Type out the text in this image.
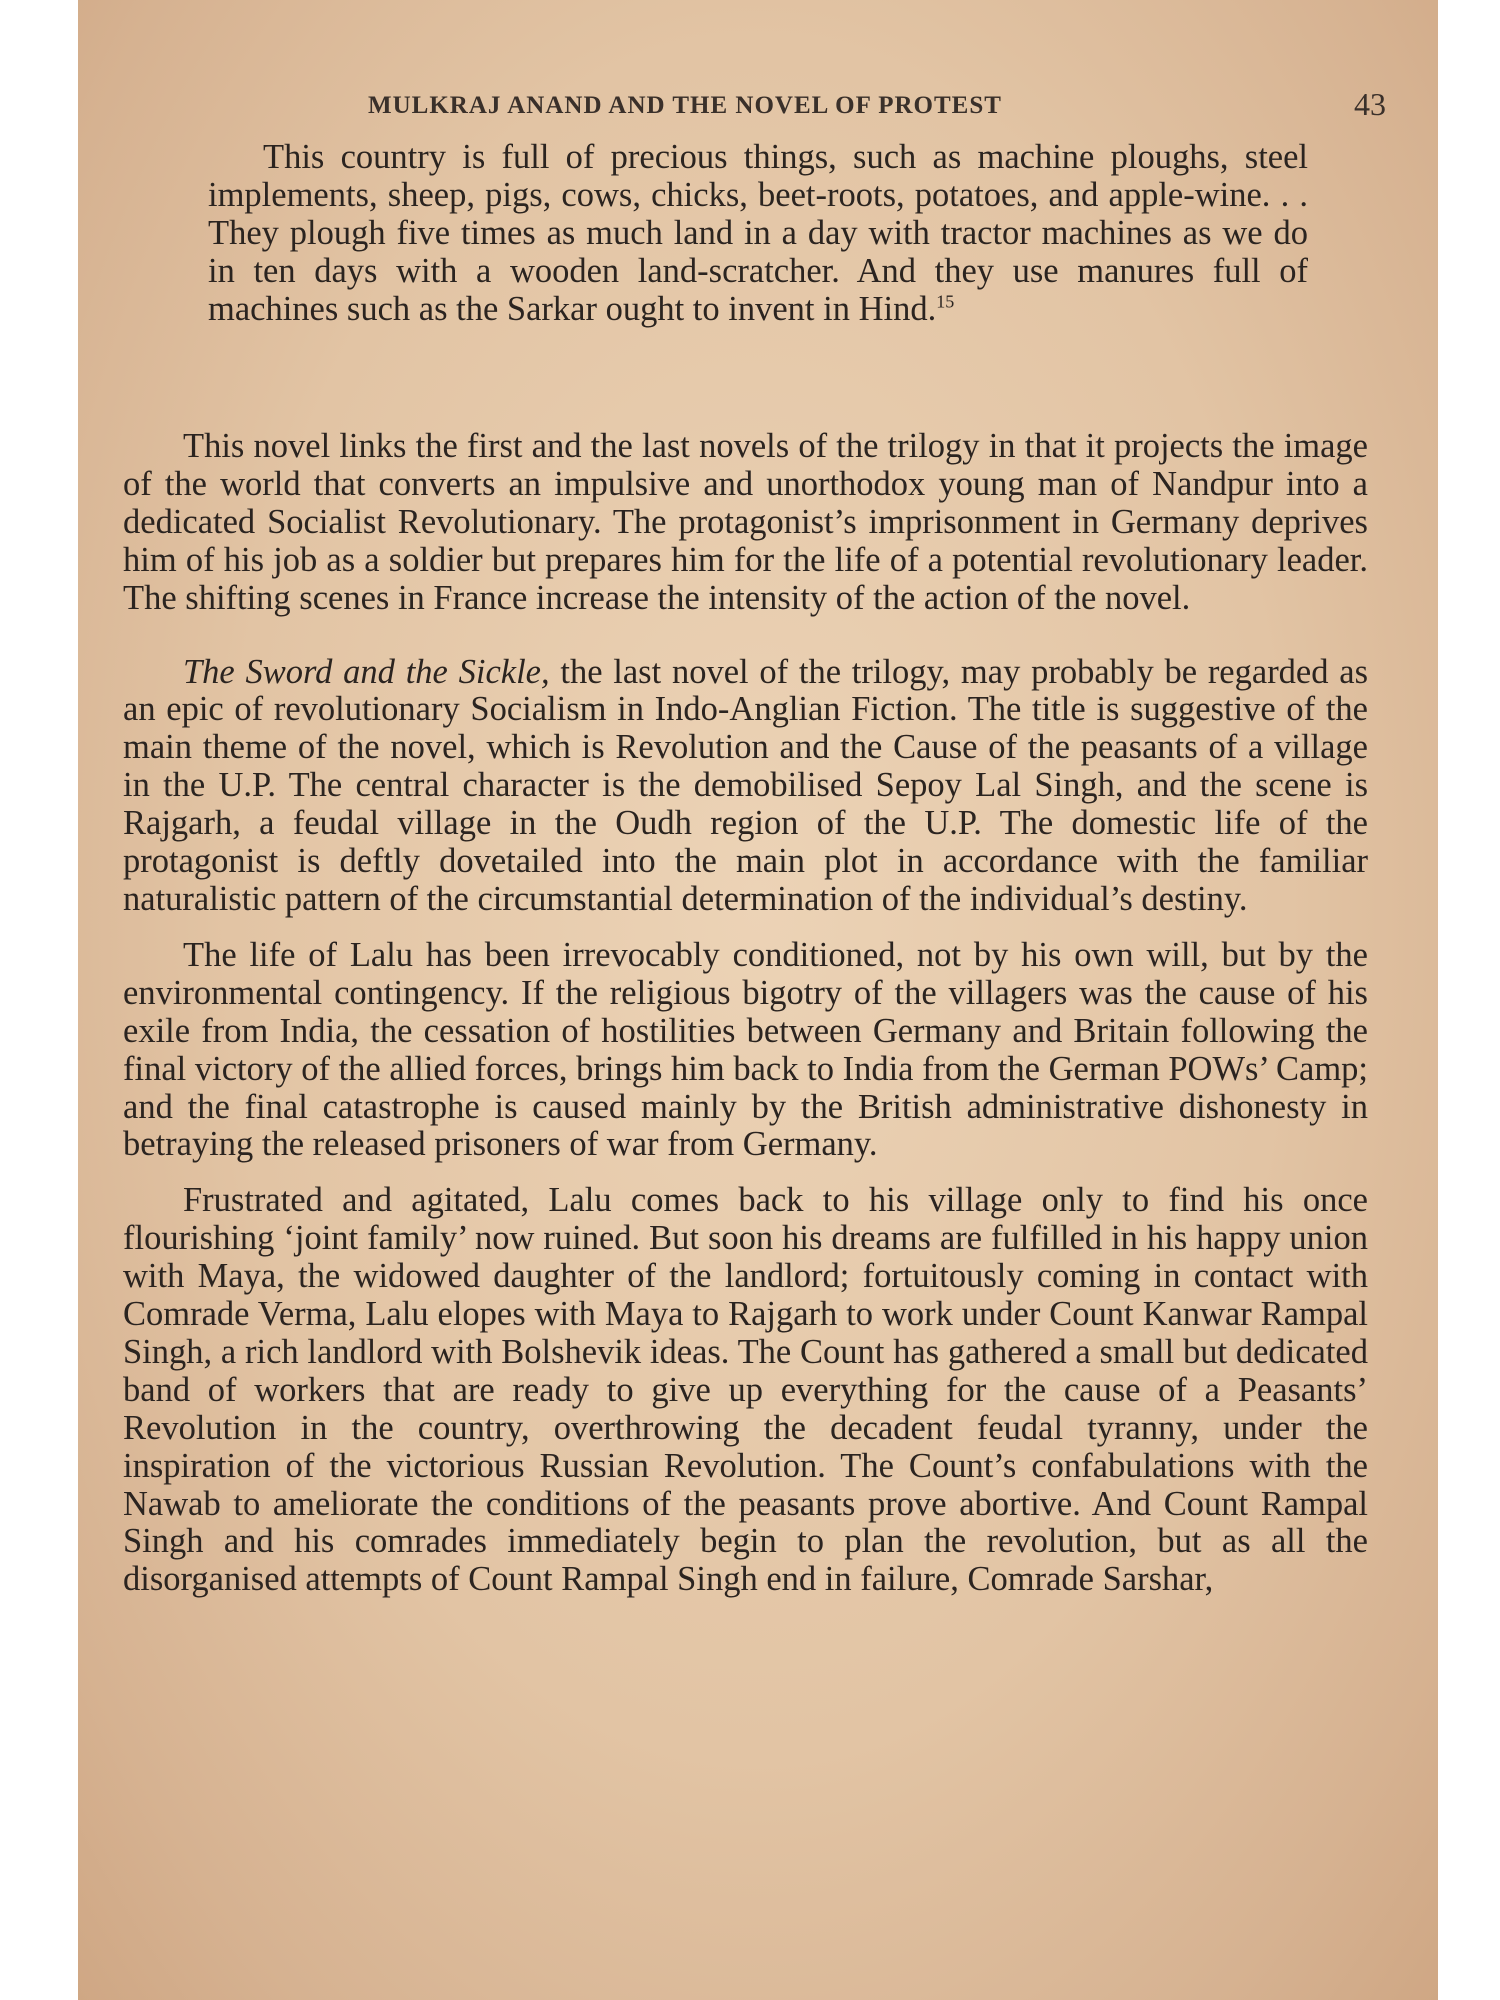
MULKRAJ ANAND AND THE NOVEL OF PROTEST	43

This country is full of precious things, such as machine ploughs, steel implements, sheep, pigs, cows, chicks, beet-roots, potatoes, and apple-wine. . . They plough five times as much land in a day with tractor machines as we do in ten days with a wooden land-scratcher. And they use manures full of machines such as the Sarkar ought to invent in Hind.$^{15}$

This novel links the first and the last novels of the trilogy in that it projects the image of the world that converts an impulsive and unorthodox young man of Nandpur into a dedicated Socialist Revolutionary. The protagonist’s imprisonment in Germany deprives him of his job as a soldier but prepares him for the life of a potential revolutionary leader. The shifting scenes in France increase the intensity of the action of the novel.

The Sword and the Sickle, the last novel of the trilogy, may probably be regarded as an epic of revolutionary Socialism in Indo-Anglian Fiction. The title is suggestive of the main theme of the novel, which is Revolution and the Cause of the peasants of a village in the U.P. The central character is the demobilised Sepoy Lal Singh, and the scene is Rajgarh, a feudal village in the Oudh region of the U.P. The domestic life of the protagonist is deftly dovetailed into the main plot in accordance with the familiar naturalistic pattern of the circumstantial determination of the individual’s destiny.

The life of Lalu has been irrevocably conditioned, not by his own will, but by the environmental contingency. If the religious bigotry of the villagers was the cause of his exile from India, the cessation of hostilities between Germany and Britain following the final victory of the allied forces, brings him back to India from the German POWs’ Camp; and the final catastrophe is caused mainly by the British administrative dishonesty in betraying the released prisoners of war from Germany.

Frustrated and agitated, Lalu comes back to his village only to find his once flourishing ‘joint family’ now ruined. But soon his dreams are fulfilled in his happy union with Maya, the widowed daughter of the landlord; fortuitously coming in contact with Comrade Verma, Lalu elopes with Maya to Rajgarh to work under Count Kanwar Rampal Singh, a rich landlord with Bolshevik ideas. The Count has gathered a small but dedicated band of workers that are ready to give up everything for the cause of a Peasants’ Revolution in the country, overthrowing the decadent feudal tyranny, under the inspiration of the victorious Russian Revolution. The Count’s confabulations with the Nawab to ameliorate the conditions of the peasants prove abortive. And Count Rampal Singh and his comrades immediately begin to plan the revolution, but as all the disorganised attempts of Count Rampal Singh end in failure, Comrade Sarshar,
